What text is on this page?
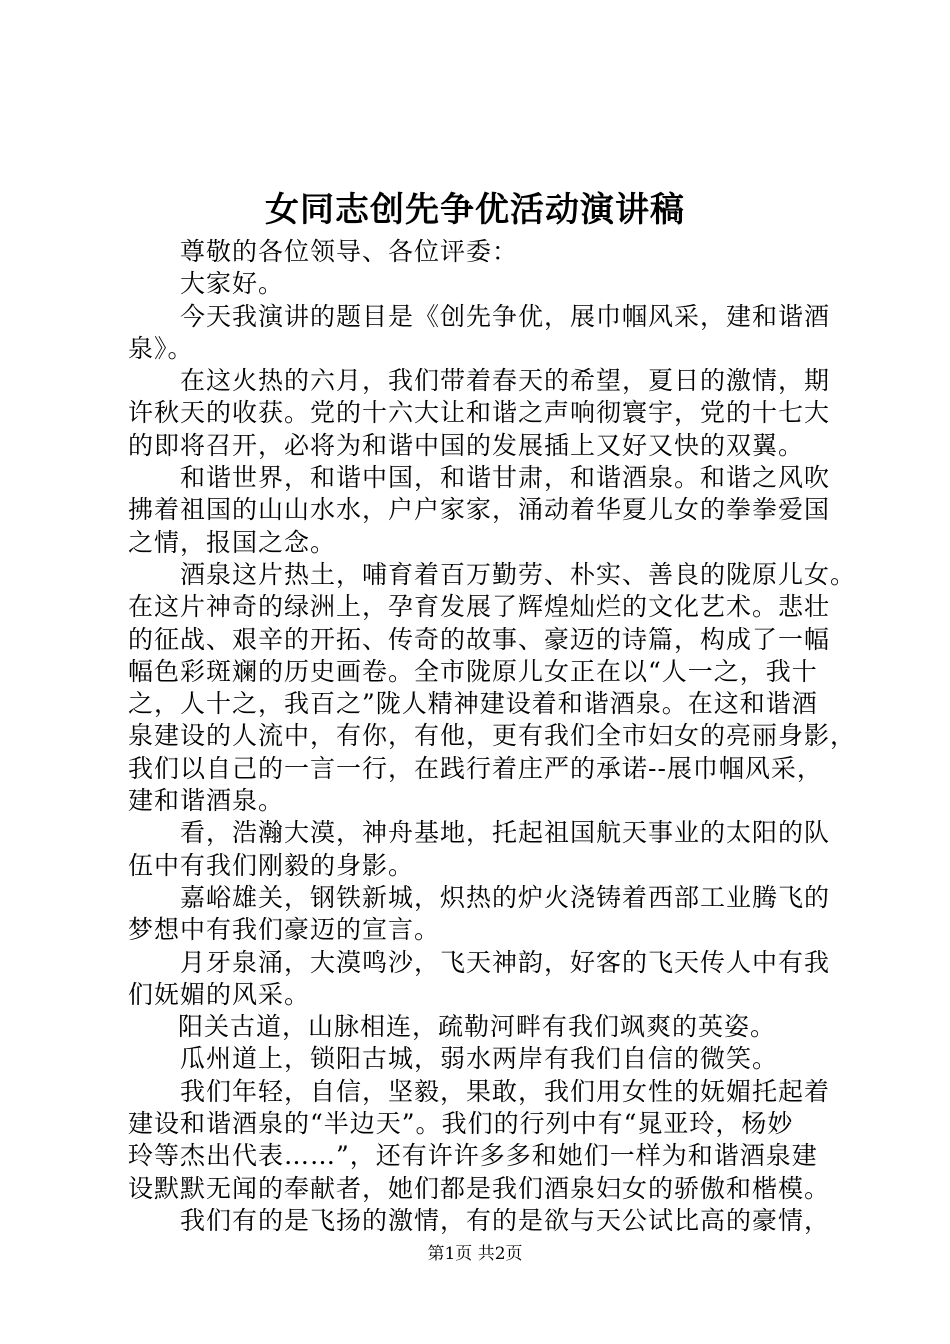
女同志创先争优活动演讲稿
尊敬的各位领导、各位评委：
大家好。
今天我演讲的题目是《创先争优，展巾帼风采，建和谐酒
泉》。
在这火热的六月，我们带着春天的希望，夏日的激情，期
许秋天的收获。党的十六大让和谐之声响彻寰宇，党的十七大
的即将召开，必将为和谐中国的发展插上又好又快的双翼。
和谐世界，和谐中国，和谐甘肃，和谐酒泉。和谐之风吹
拂着祖国的山山水水，户户家家，涌动着华夏儿女的拳拳爱国
之情，报国之念。
酒泉这片热土，哺育着百万勤劳、朴实、善良的陇原儿女。
在这片神奇的绿洲上，孕育发展了辉煌灿烂的文化艺术。悲壮
的征战、艰辛的开拓、传奇的故事、豪迈的诗篇，构成了一幅
幅色彩斑斓的历史画卷。全市陇原儿女正在以“人一之，我十
之，人十之，我百之”陇人精神建设着和谐酒泉。在这和谐酒
泉建设的人流中，有你，有他，更有我们全市妇女的亮丽身影，
我们以自己的一言一行，在践行着庄严的承诺--展巾帼风采，
建和谐酒泉。
看，浩瀚大漠，神舟基地，托起祖国航天事业的太阳的队
伍中有我们刚毅的身影。
嘉峪雄关，钢铁新城，炽热的炉火浇铸着西部工业腾飞的
梦想中有我们豪迈的宣言。
月牙泉涌，大漠鸣沙，飞天神韵，好客的飞天传人中有我
们妩媚的风采。
阳关古道，山脉相连，疏勒河畔有我们飒爽的英姿。
瓜州道上，锁阳古城，弱水两岸有我们自信的微笑。
我们年轻，自信，坚毅，果敢，我们用女性的妩媚托起着
建设和谐酒泉的“半边天”。我们的行列中有“晁亚玲，杨妙
玲等杰出代表……”，还有许许多多和她们一样为和谐酒泉建
设默默无闻的奉献者，她们都是我们酒泉妇女的骄傲和楷模。
我们有的是飞扬的激情，有的是欲与天公试比高的豪情，
第1页 共2页
